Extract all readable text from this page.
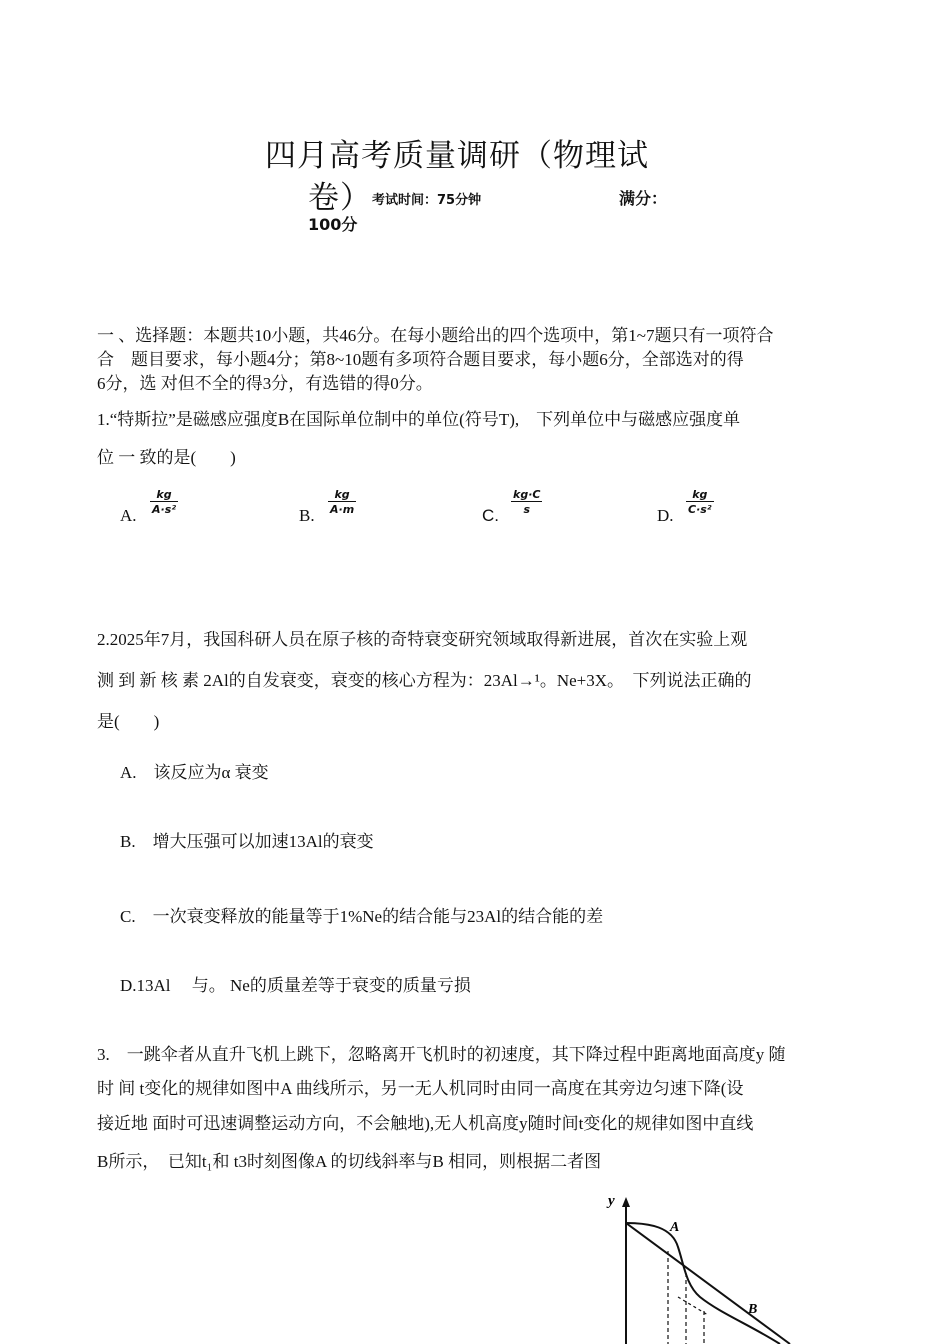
四月高考质量调研（物理试
卷） 考试时间：75分钟	满分：
100分
一 、选择题：本题共10小题，共46分。在每小题给出的四个选项中，第1~7题只有一项符合
合　题目要求，每小题4分；第8~10题有多项符合题目要求，每小题6分，全部选对的得
6分，选 对但不全的得3分，有选错的得0分。
1.“特斯拉”是磁感应强度B在国际单位制中的单位(符号T),　下列单位中与磁感应强度单
位 一 致的是(　　)
A. $\frac{kg}{\text{A·s²}}$	B. $\frac{kg}{A\cdot m}$	C. $\frac{kg\cdot C}{s}$	D. $\frac{kg}{\text{C·s²}}$
2.2025年7月，我国科研人员在原子核的奇特衰变研究领域取得新进展，首次在实验上观
测 到 新 核 素 2Al的自发衰变，衰变的核心方程为：23Al→¹。Ne+3X。　下列说法正确的
是(　　)
A.　该反应为α 衰变
B.　增大压强可以加速13Al的衰变
C.　一次衰变释放的能量等于1%Ne的结合能与23Al的结合能的差
D.13Al　 与。 Ne的质量差等于衰变的质量亏损
3.　一跳伞者从直升飞机上跳下，忽略离开飞机时的初速度，其下降过程中距离地面高度y 随
时 间 t变化的规律如图中A 曲线所示，另一无人机同时由同一高度在其旁边匀速下降(设
接近地 面时可迅速调整运动方向，不会触地),无人机高度y随时间t变化的规律如图中直线
B所示，　已知t₁和 t3时刻图像A 的切线斜率与B 相同，则根据二者图
y
B
A
